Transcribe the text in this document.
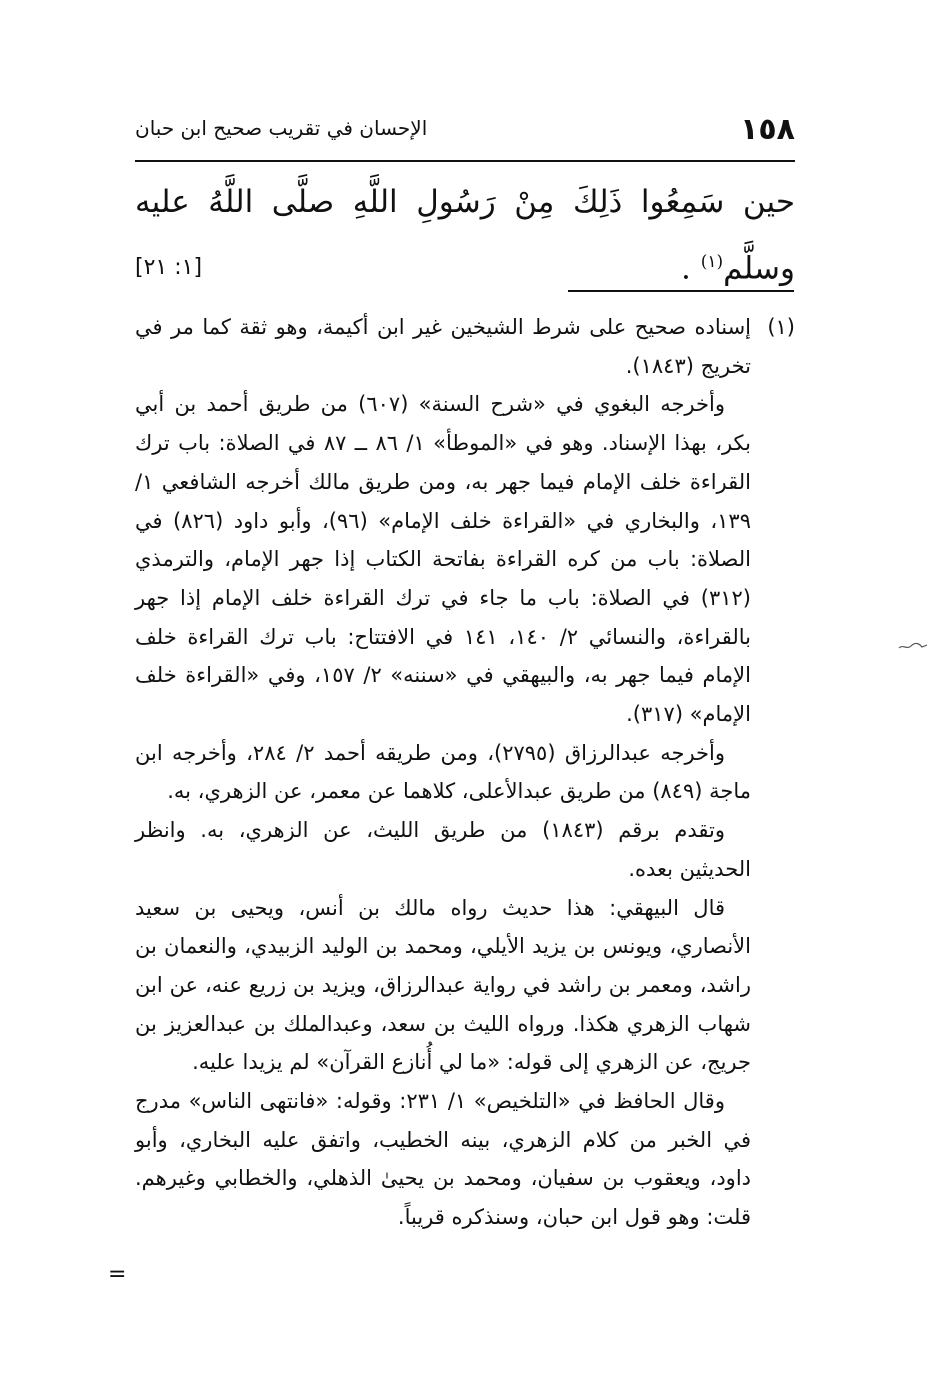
١٥٨
الإحسان في تقريب صحيح ابن حبان
حين سَمِعُوا ذَلِكَ مِنْ رَسُولِ اللَّهِ صلَّى اللَّهُ عليه
وسلَّم$^{(١)}$ .
[١: ٢١]
(١)

إسناده صحيح على شرط الشيخين غير ابن أكيمة، وهو ثقة كما مر في تخريج (١٨٤٣).

وأخرجه البغوي في «شرح السنة» (٦٠٧) من طريق أحمد بن أبي بكر، بهذا الإسناد. وهو في «الموطأ» ١/ ٨٦ ــ ٨٧ في الصلاة: باب ترك القراءة خلف الإمام فيما جهر به، ومن طريق مالك أخرجه الشافعي ١/ ١٣٩، والبخاري في «القراءة خلف الإمام» (٩٦)، وأبو داود (٨٢٦) في الصلاة: باب من كره القراءة بفاتحة الكتاب إذا جهر الإمام، والترمذي (٣١٢) في الصلاة: باب ما جاء في ترك القراءة خلف الإمام إذا جهر بالقراءة، والنسائي ٢/ ١٤٠، ١٤١ في الافتتاح: باب ترك القراءة خلف الإمام فيما جهر به، والبيهقي في «سننه» ٢/ ١٥٧، وفي «القراءة خلف الإمام» (٣١٧).

وأخرجه عبدالرزاق (٢٧٩٥)، ومن طريقه أحمد ٢/ ٢٨٤، وأخرجه ابن ماجة (٨٤٩) من طريق عبدالأعلى، كلاهما عن معمر، عن الزهري، به.

وتقدم برقم (١٨٤٣) من طريق الليث، عن الزهري، به. وانظر الحديثين بعده.

قال البيهقي: هذا حديث رواه مالك بن أنس، ويحيى بن سعيد الأنصاري، ويونس بن يزيد الأيلي، ومحمد بن الوليد الزبيدي، والنعمان بن راشد، ومعمر بن راشد في رواية عبدالرزاق، ويزيد بن زريع عنه، عن ابن شهاب الزهري هكذا. ورواه الليث بن سعد، وعبدالملك بن عبدالعزيز بن جريج، عن الزهري إلى قوله: «ما لي أُنازع القرآن» لم يزيدا عليه.

وقال الحافظ في «التلخيص» ١/ ٢٣١: وقوله: «فانتهى الناس» مدرج في الخبر من كلام الزهري، بينه الخطيب، واتفق عليه البخاري، وأبو داود، ويعقوب بن سفيان، ومحمد بن يحيىٰ الذهلي، والخطابي وغيرهم. قلت: وهو قول ابن حبان، وسنذكره قريباً.

=
